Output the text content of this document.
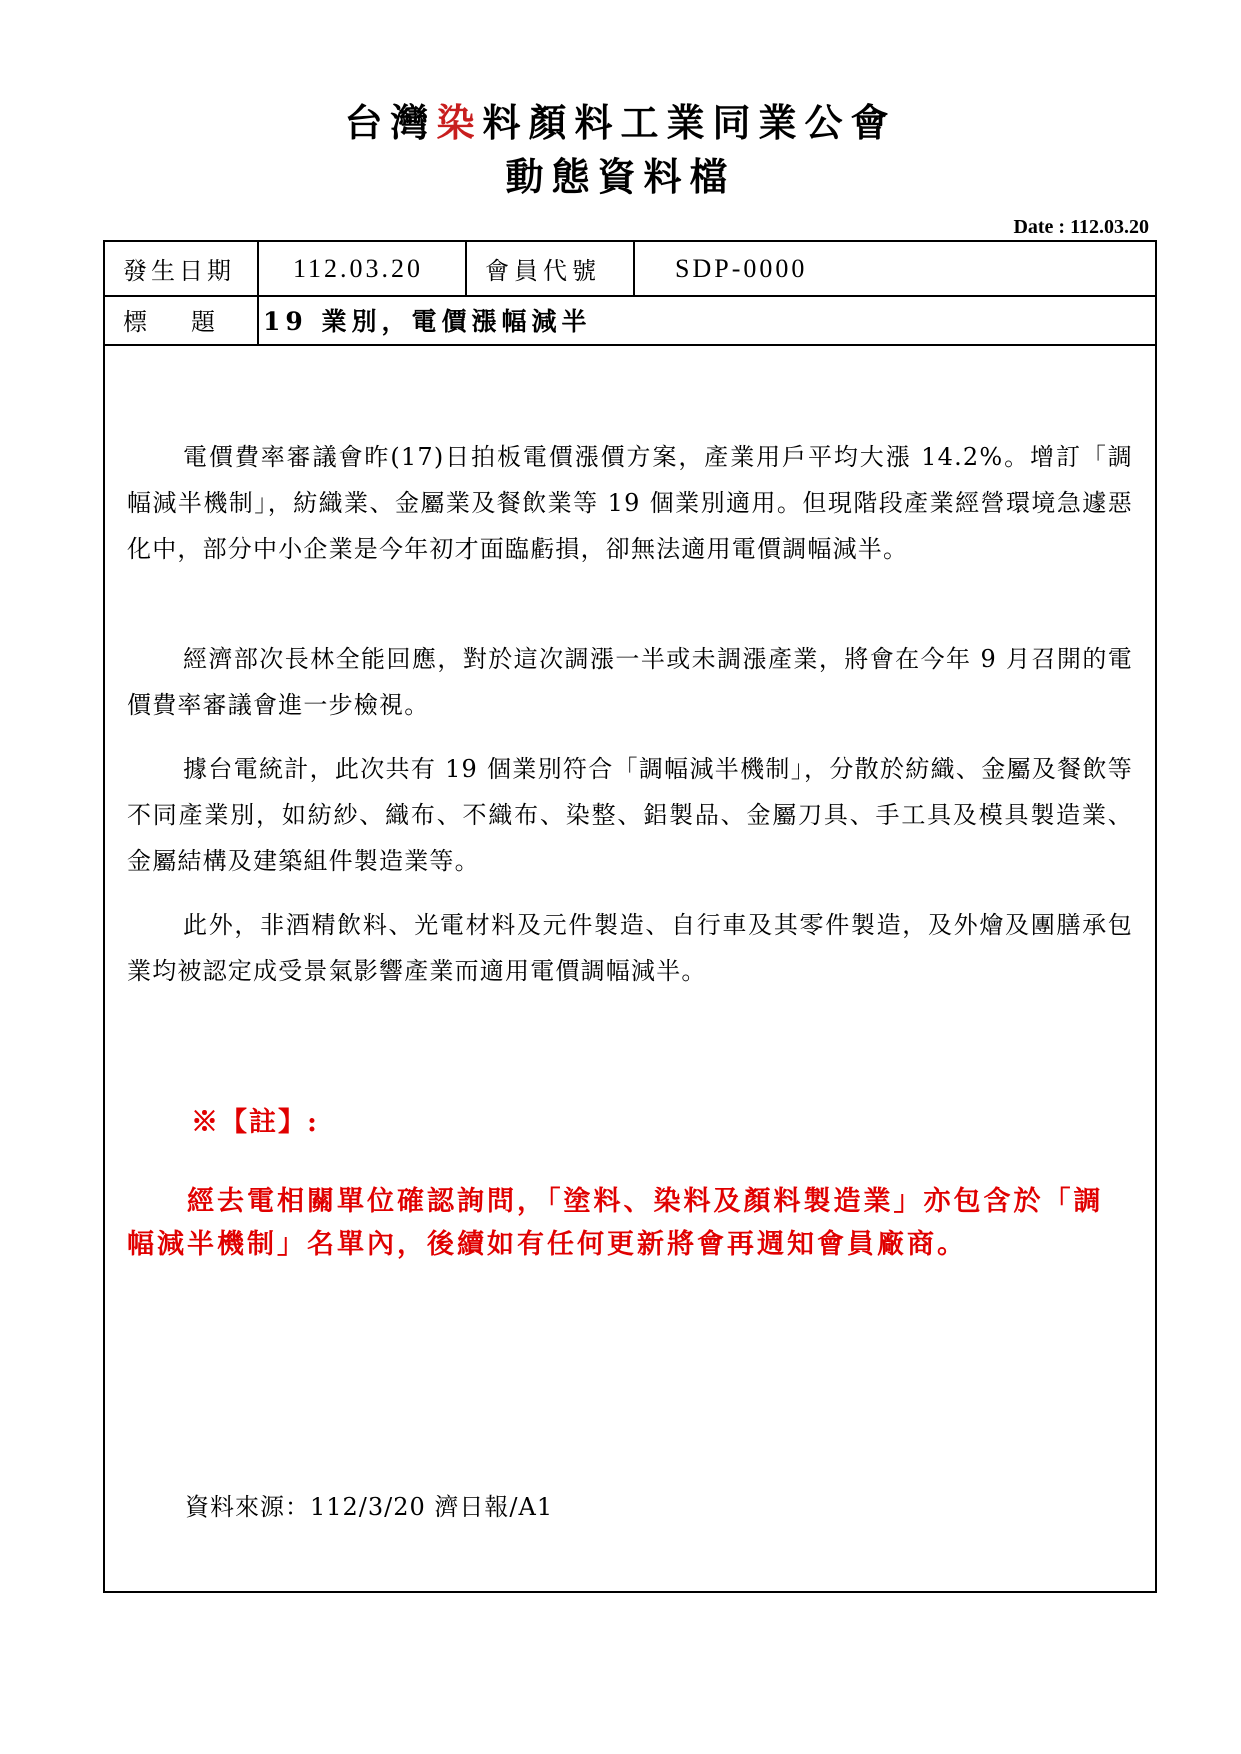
台灣染料顏料工業同業公會
動態資料檔
Date : 112.03.20
發生日期	112.03.20	會員代號	SDP-0000
標題 19 業別，電價漲幅減半

電價費率審議會昨(17)日拍板電價漲價方案，產業用戶平均大漲 14.2%。增訂「調幅減半機制」，紡織業、金屬業及餐飲業等 19 個業別適用。但現階段產業經營環境急遽惡化中，部分中小企業是今年初才面臨虧損，卻無法適用電價調幅減半。

經濟部次長林全能回應，對於這次調漲一半或未調漲產業，將會在今年 9 月召開的電價費率審議會進一步檢視。

據台電統計，此次共有 19 個業別符合「調幅減半機制」，分散於紡織、金屬及餐飲等不同產業別，如紡紗、織布、不織布、染整、鋁製品、金屬刀具、手工具及模具製造業、金屬結構及建築組件製造業等。

此外，非酒精飲料、光電材料及元件製造、自行車及其零件製造，及外燴及團膳承包業均被認定成受景氣影響產業而適用電價調幅減半。

※【註】:

經去電相關單位確認詢問，「塗料、染料及顏料製造業」亦包含於「調幅減半機制」名單內，後續如有任何更新將會再週知會員廠商。

資料來源：112/3/20 濟日報/A1
